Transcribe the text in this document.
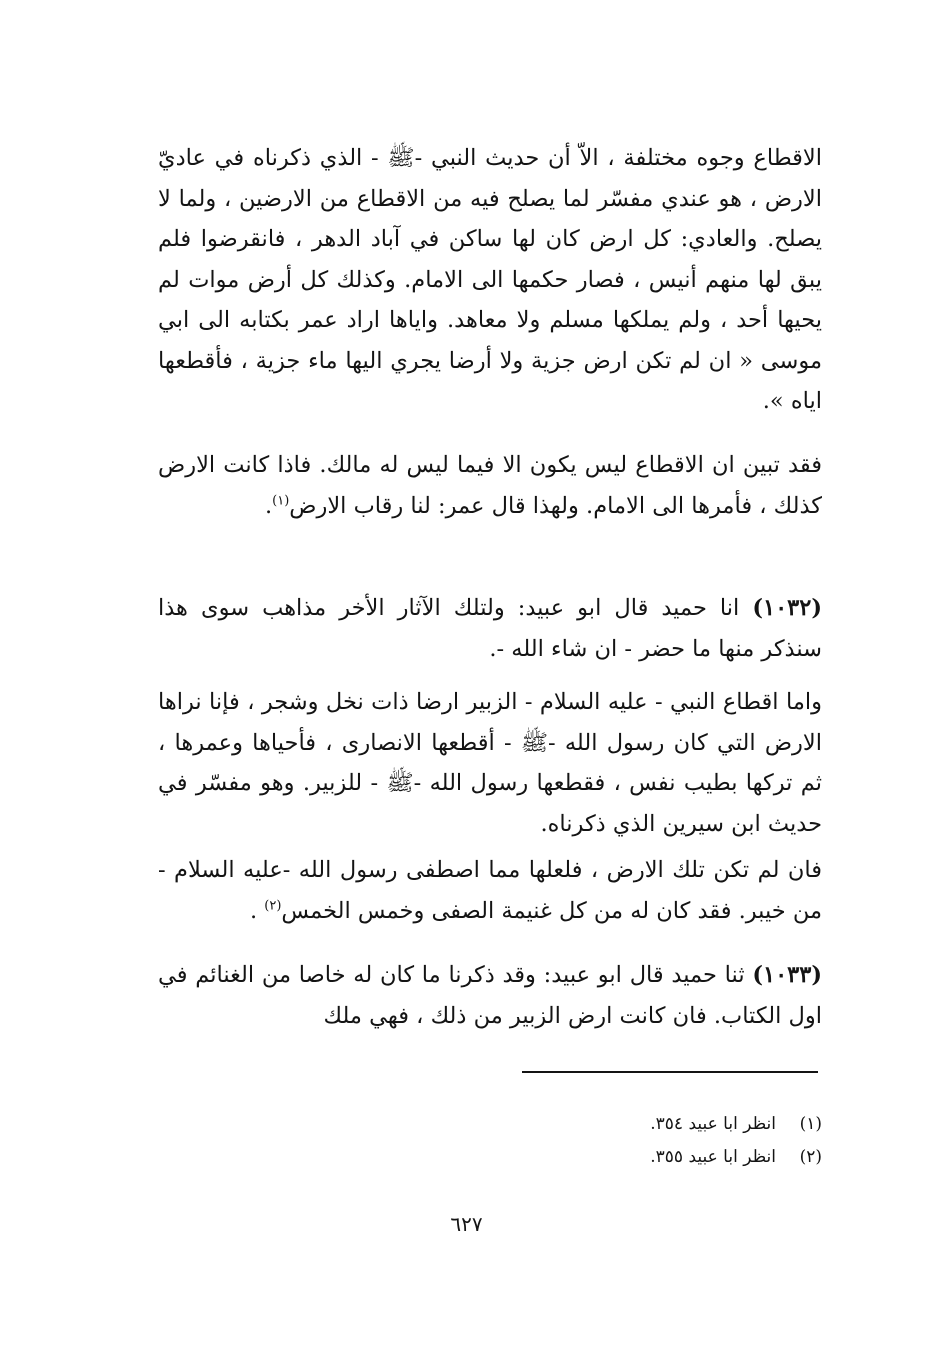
الاقطاع وجوه مختلفة ، الاّ أن حديث النبي -ﷺ - الذي ذكرناه في عاديّ الارض ، هو عندي مفسّر لما يصلح فيه من الاقطاع من الارضين ، ولما لا يصلح. والعادي: كل ارض كان لها ساكن في آباد الدهر ، فانقرضوا فلم يبق لها منهم أنيس ، فصار حكمها الى الامام. وكذلك كل أرض موات لم يحيها أحد ، ولم يملكها مسلم ولا معاهد. واياها اراد عمر بكتابه الى ابي موسى « ان لم تكن ارض جزية ولا أرضا يجري اليها ماء جزية ، فأقطعها اياه ».

فقد تبين ان الاقطاع ليس يكون الا فيما ليس له مالك. فاذا كانت الارض كذلك ، فأمرها الى الامام. ولهذا قال عمر: لنا رقاب الارض$^{(١)}$.

(١٠٣٢) انا حميد قال ابو عبيد: ولتلك الآثار الأخر مذاهب سوى هذا سنذكر منها ما حضر - ان شاء الله -.

واما اقطاع النبي - عليه السلام - الزبير ارضا ذات نخل وشجر ، فإنا نراها الارض التي كان رسول الله -ﷺ - أقطعها الانصارى ، فأحياها وعمرها ، ثم تركها بطيب نفس ، فقطعها رسول الله -ﷺ - للزبير. وهو مفسّر في حديث ابن سيرين الذي ذكرناه.

فان لم تكن تلك الارض ، فلعلها مما اصطفى رسول الله -عليه السلام - من خيبر. فقد كان له من كل غنيمة الصفى وخمس الخمس$^{(٢)}$ .

(١٠٣٣) ثنا حميد قال ابو عبيد: وقد ذكرنا ما كان له خاصا من الغنائم في اول الكتاب. فان كانت ارض الزبير من ذلك ، فهي ملك

(١)
انظر ابا عبيد ٣٥٤.
(٢)
انظر ابا عبيد ٣٥٥.
٦٢٧
